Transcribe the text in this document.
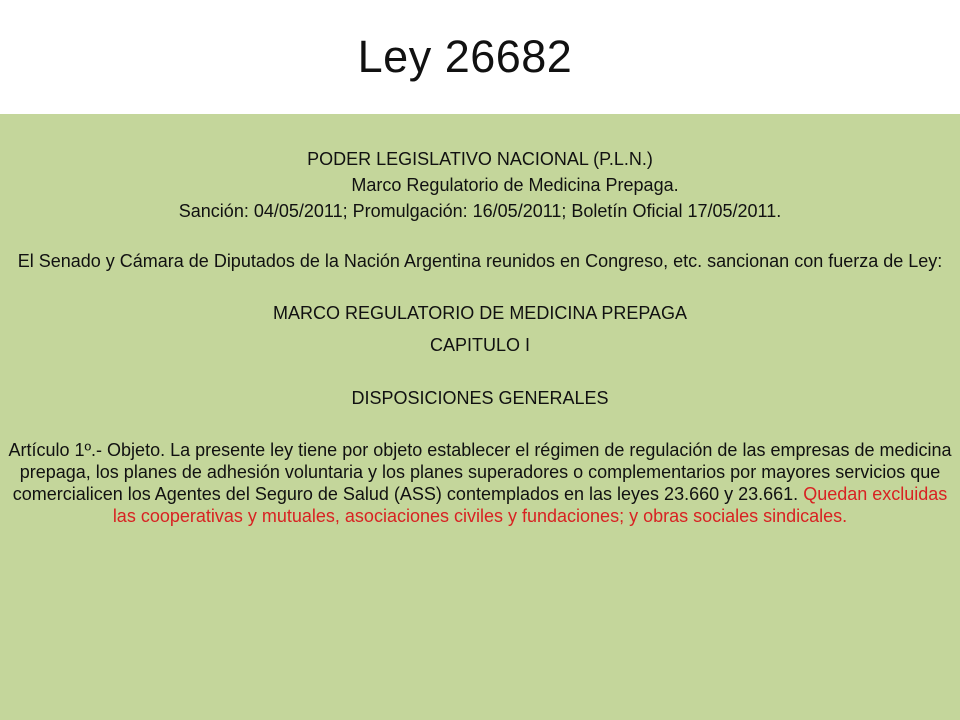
Ley 26682
PODER LEGISLATIVO NACIONAL (P.L.N.)
Marco Regulatorio de Medicina Prepaga.
Sanción: 04/05/2011; Promulgación: 16/05/2011; Boletín Oficial 17/05/2011.

El Senado y Cámara de Diputados de la Nación Argentina reunidos en Congreso, etc. sancionan con fuerza de Ley:

MARCO REGULATORIO DE MEDICINA PREPAGA
CAPITULO I
DISPOSICIONES GENERALES

Artículo 1º.- Objeto. La presente ley tiene por objeto establecer el régimen de regulación de las empresas de medicina prepaga, los planes de adhesión voluntaria y los planes superadores o complementarios por mayores servicios que comercialicen los Agentes del Seguro de Salud (ASS) contemplados en las leyes 23.660 y 23.661. Quedan excluidas las cooperativas y mutuales, asociaciones civiles y fundaciones; y obras sociales sindicales.
